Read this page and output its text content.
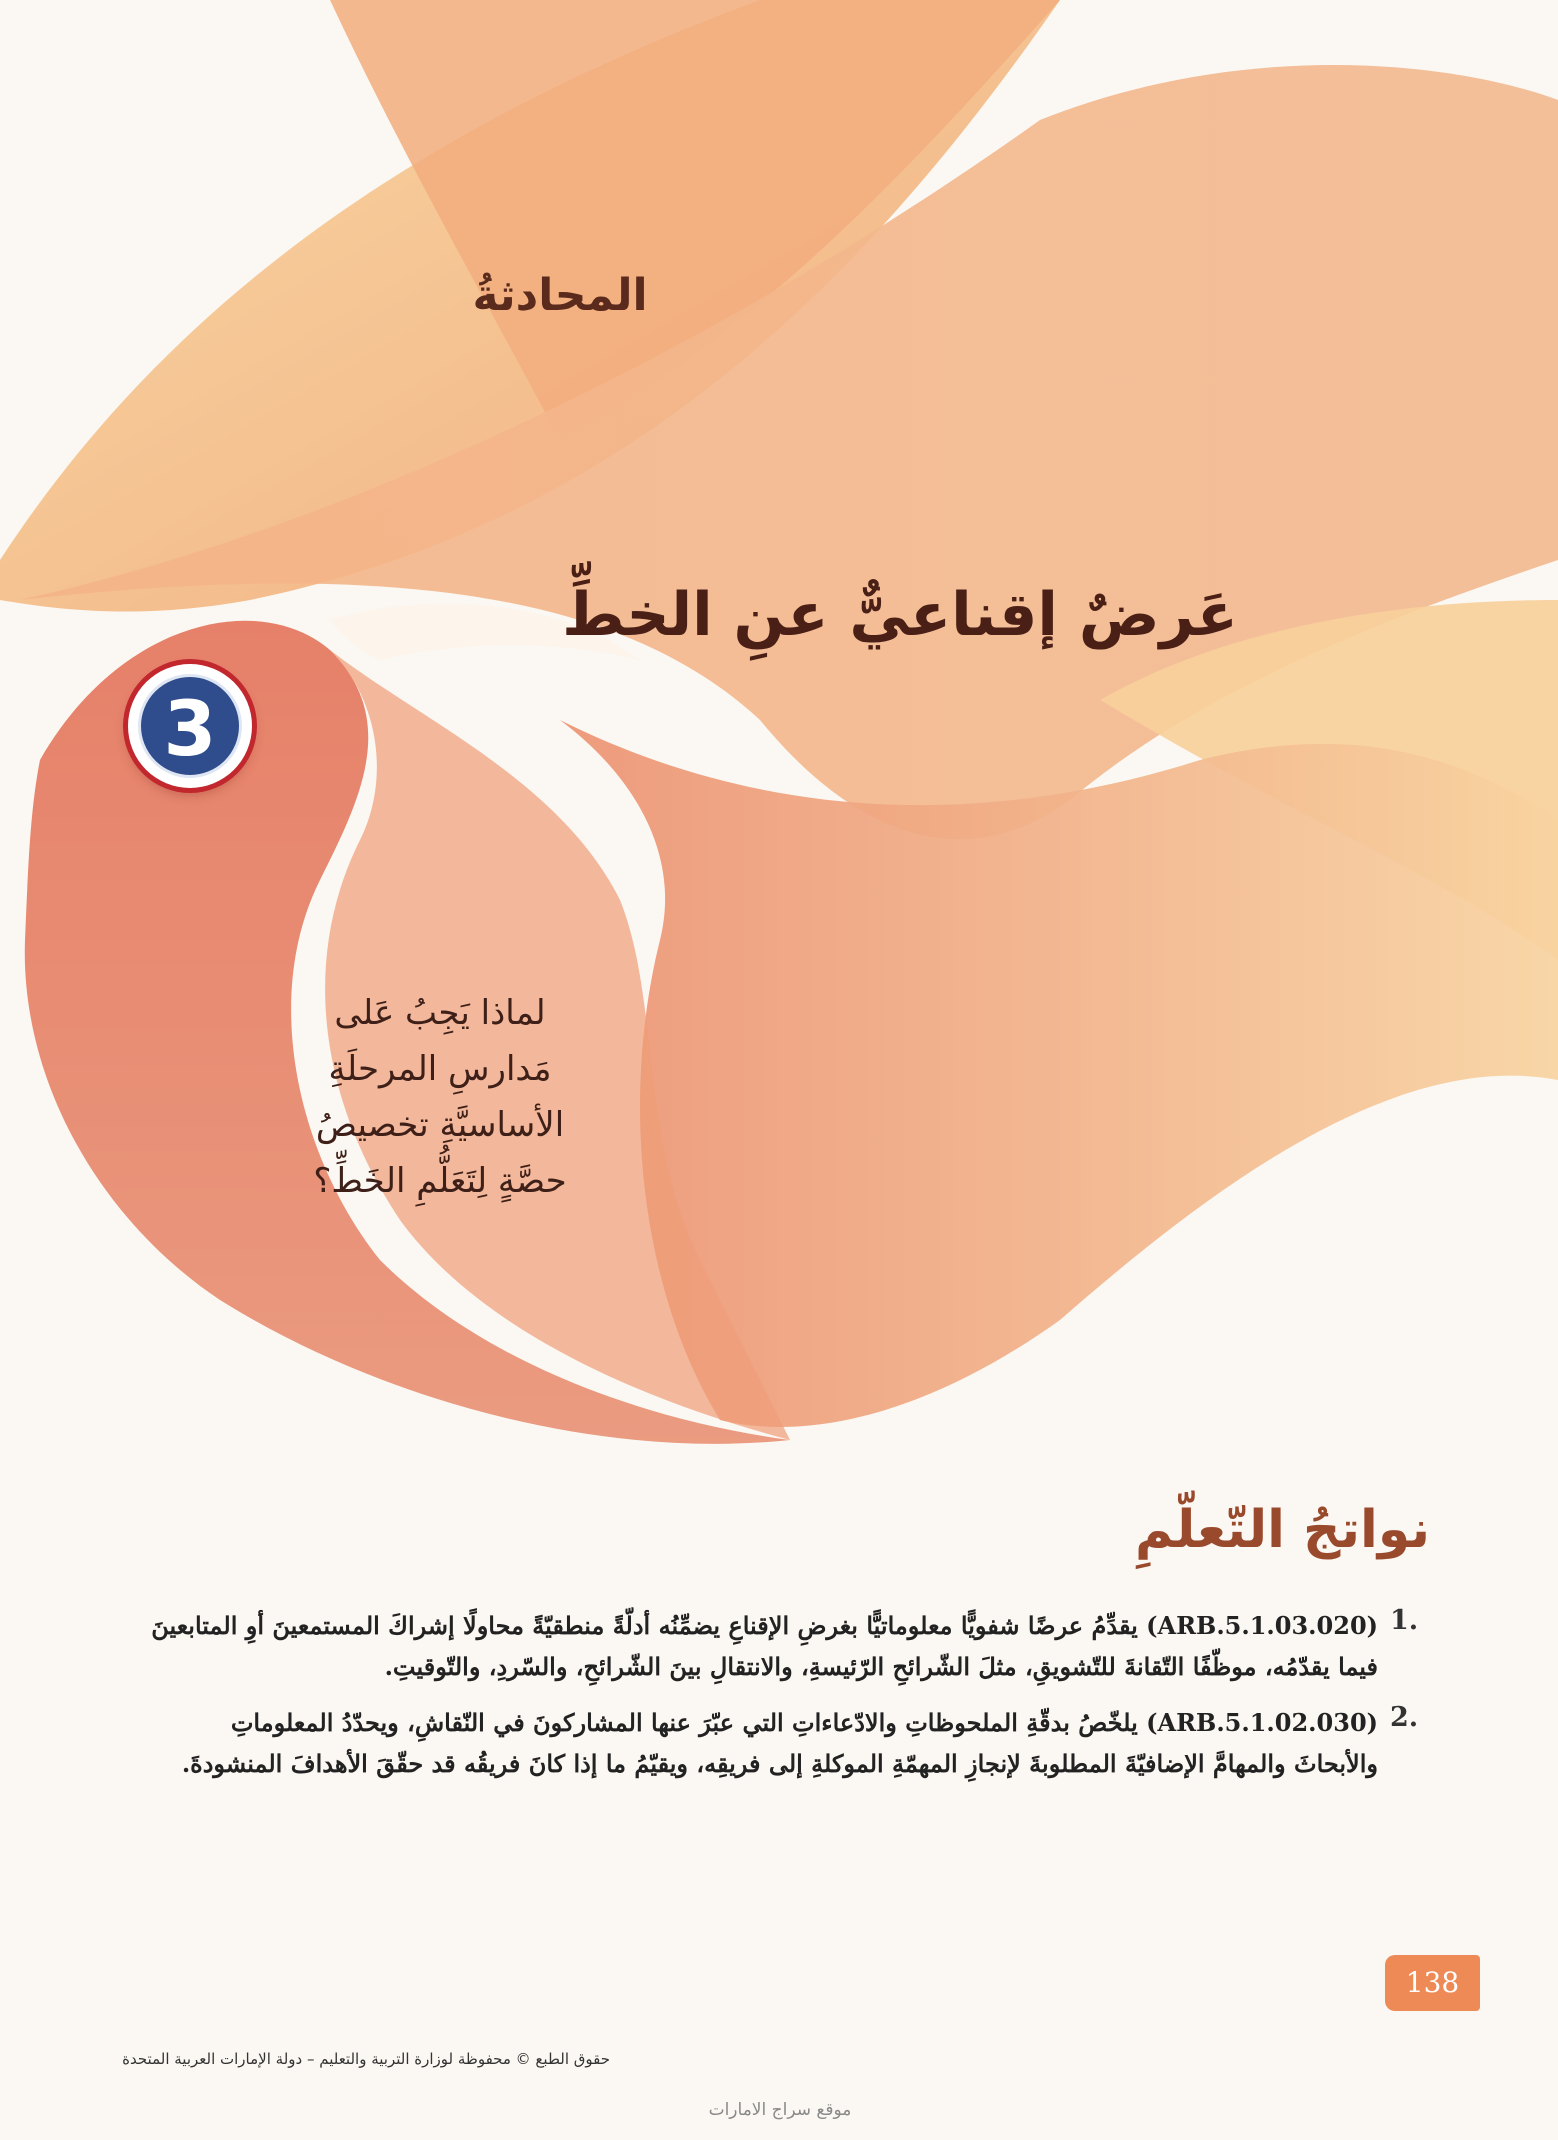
المحادثةُ
عَرضٌ إقناعيٌّ عنِ الخطِّ
3
لماذا يَجِبُ عَلى
مَدارسِ المرحلَةِ
الأساسيَّةِ تخصيصُ
حصَّةٍ لِتَعَلُّمِ الخَطِّ؟
نواتجُ التّعلّمِ
1.
(ARB.5.1.03.020) يقدِّمُ عرضًا شفويًّا معلوماتيًّا بغرضِ الإقناعِ يضمِّنُه أدلّةً منطقيّةً محاولًا إشراكَ المستمعينَ أوِ المتابعينَ
فيما يقدّمُه، موظّفًا التّقانةَ للتّشويقِ، مثلَ الشّرائحِ الرّئيسةِ، والانتقالِ بينَ الشّرائحِ، والسّردِ، والتّوقيتِ.
2.
(ARB.5.1.02.030) يلخّصُ بدقّةِ الملحوظاتِ والادّعاءاتِ التي عبّرَ عنها المشاركونَ في النّقاشِ، ويحدّدُ المعلوماتِ
والأبحاثَ والمهامَّ الإضافيّةَ المطلوبةَ لإنجازِ المهمّةِ الموكلةِ إلى فريقِه، ويقيّمُ ما إذا كانَ فريقُه قد حقّقَ الأهدافَ المنشودةَ.
138
حقوق الطبع © محفوظة لوزارة التربية والتعليم – دولة الإمارات العربية المتحدة
موقع سراج الامارات
